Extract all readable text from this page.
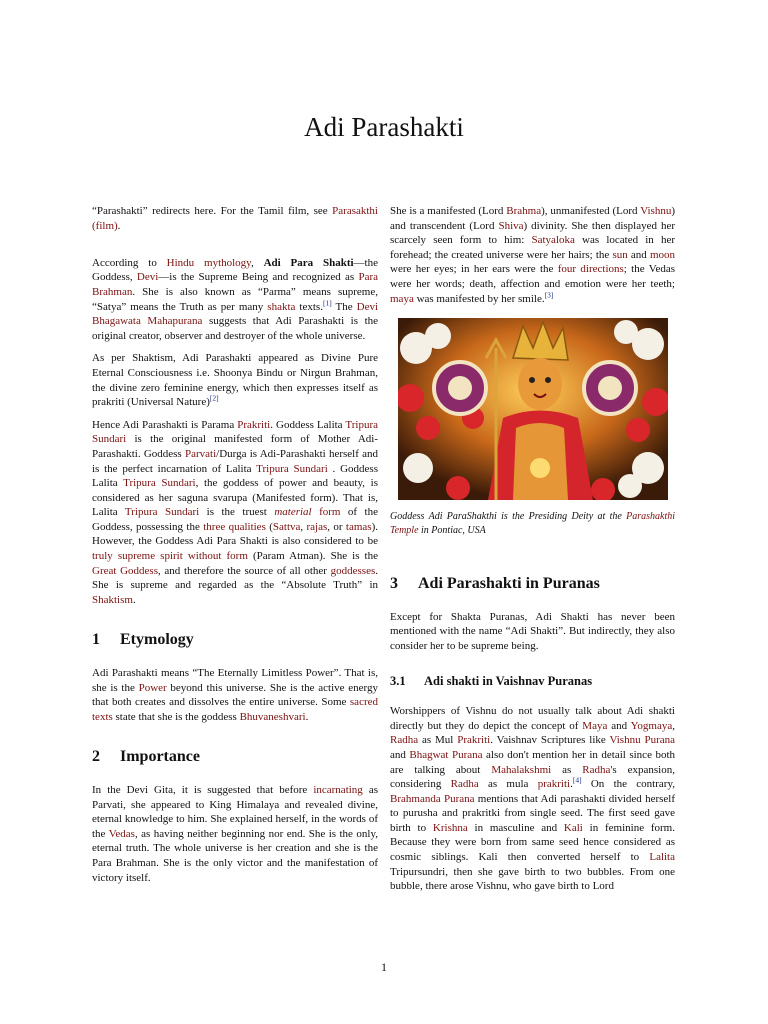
Adi Parashakti

“Parashakti” redirects here. For the Tamil film, see Parasakthi (film).

According to Hindu mythology, Adi Para Shakti—the Goddess, Devi—is the Supreme Being and recognized as Para Brahman. She is also known as “Parma” means supreme, “Satya” means the Truth as per many shakta texts.[1] The Devi Bhagawata Mahapurana suggests that Adi Parashakti is the original creator, observer and destroyer of the whole universe.

As per Shaktism, Adi Parashakti appeared as Divine Pure Eternal Consciousness i.e. Shoonya Bindu or Nirgun Brahman, the divine zero feminine energy, which then expresses itself as prakriti (Universal Nature)[2]

Hence Adi Parashakti is Parama Prakriti. Goddess Lalita Tripura Sundari is the original manifested form of Mother Adi-Parashakti. Goddess Parvati/Durga is Adi-Parashakti herself and is the perfect incarnation of Lalita Tripura Sundari . Goddess Lalita Tripura Sundari, the goddess of power and beauty, is considered as her saguna svarupa (Manifested form). That is, Lalita Tripura Sundari is the truest material form of the Goddess, possessing the three qualities (Sattva, rajas, or tamas). However, the Goddess Adi Para Shakti is also considered to be truly supreme spirit without form (Param Atman). She is the Great Goddess, and therefore the source of all other goddesses. She is supreme and regarded as the “Absolute Truth” in Shaktism.

1 Etymology

Adi Parashakti means “The Eternally Limitless Power”. That is, she is the Power beyond this universe. She is the active energy that both creates and dissolves the entire universe. Some sacred texts state that she is the goddess Bhuvaneshvari.

2 Importance

In the Devi Gita, it is suggested that before incarnating as Parvati, she appeared to King Himalaya and revealed divine, eternal knowledge to him. She explained herself, in the words of the Vedas, as having neither beginning nor end. She is the only, eternal truth. The whole universe is her creation and she is the Para Brahman. She is the only victor and the manifestation of victory itself.

She is a manifested (Lord Brahma), unmanifested (Lord Vishnu) and transcendent (Lord Shiva) divinity. She then displayed her scarcely seen form to him: Satyaloka was located in her forehead; the created universe were her hairs; the sun and moon were her eyes; in her ears were the four directions; the Vedas were her words; death, affection and emotion were her teeth; maya was manifested by her smile.[3]

Goddess Adi ParaShakthi is the Presiding Deity at the Parashakthi Temple in Pontiac, USA

3 Adi Parashakti in Puranas

Except for Shakta Puranas, Adi Shakti has never been mentioned with the name “Adi Shakti”. But indirectly, they also consider her to be supreme being.

3.1 Adi shakti in Vaishnav Puranas

Worshippers of Vishnu do not usually talk about Adi shakti directly but they do depict the concept of Maya and Yogmaya, Radha as Mul Prakriti. Vaishnav Scriptures like Vishnu Purana and Bhagwat Purana also don't mention her in detail since both are talking about Mahalakshmi as Radha's expansion, considering Radha as mula prakriti.[4] On the contrary, Brahmanda Purana mentions that Adi parashakti divided herself to purusha and prakritki from single seed. The first seed gave birth to Krishna in masculine and Kali in feminine form. Because they were born from same seed hence considered as cosmic siblings. Kali then converted herself to Lalita Tripursundri, then she gave birth to two bubbles. From one bubble, there arose Vishnu, who gave birth to Lord

1
